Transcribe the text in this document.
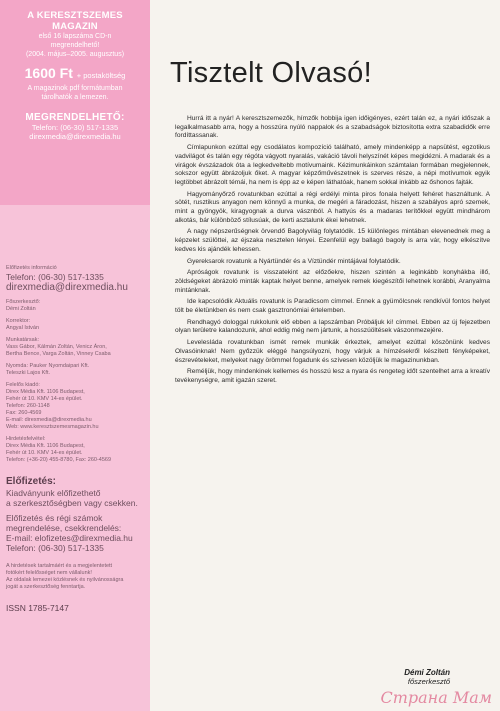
A KERESZTSZEMES
MAGAZIN
első 16 lapszáma CD-n
megrendelhető!
(2004. május–2005. augusztus)
1600 Ft + postaköltség
A magazinok pdf formátumban
tárolhatók a lemezen.
MEGRENDELHETŐ:
Telefon: (06-30) 517-1335
direxmedia@direxmedia.hu
Előfizetés információ
Telefon: (06-30) 517-1335
direxmedia@direxmedia.hu
Főszerkesztő:
Démi Zoltán
Korrektor:
Angyal István
Munkatársak:
Vass Gábor, Kálmán Zoltán, Venicz Áron,
Bertha Bence, Varga Zoltán, Vinney Csaba
Nyomda: Pauker Nyomdaipari Kft.
Teleszki Lajos Kft.
Felelős kiadó:
Direx Média Kft. 1106 Budapest,
Fehér út 10. KMV 14-es épület.
Telefon: 260-1148
Fax: 260-4569
E-mail: direxmedia@direxmedia.hu
Web: www.keresztszemesmagazin.hu
Hirdetésfelvétel:
Direx Média Kft. 1106 Budapest,
Fehér út 10. KMV 14-es épület.
Telefon: (+36-20) 455-8780, Fax: 260-4569
Előfizetés:
Kiadványunk előfizethető
a szerkesztőségben vagy csekken.
Előfizetés és régi számok
megrendelése, csekkrendelés:
E-mail: elofizetes@direxmedia.hu
Telefon: (06-30) 517-1335
A hirdetések tartalmáért és a megjelentetett
fotókért felelősséget nem vállalunk!
Az oldalak lemezei közlésnek és nyilvánosságra
jogát a szerkesztőség fenntartja.
ISSN 1785-7147
Tisztelt Olvasó!

Hurrá itt a nyár! A keresztszemezők, hímzők hobbija igen időigényes, ezért talán ez, a nyári időszak a legalkalmasabb arra, hogy a hosszúra nyúló nappalok és a szabadságok biztosította extra szabadidők erre fordíttassanak.

Címlapunkon ezúttal egy csodálatos kompozíció található, amely mindenképp a napsütést, egzotikus vadvilágot és talán egy régóta vágyott nyaralás, vakáció távoli helyszínét képes megidézni. A madarak és a virágok évszázadok óta a legkedveltebb motívumaink. Kézimunkáinkon számtalan formában megjelennek, sokszor együtt ábrázoljuk őket. A magyar képzőművészetnek is szerves része, a népi motívumok egyik legtöbbet ábrázolt témái, ha nem is épp az e képen láthatóak, hanem sokkal inkább az őshonos fajták.

Hagyományőrző rovatunkban ezúttal a régi erdélyi minta piros fonala helyett fehéret használtunk. A sötét, rusztikus anyagon nem könnyű a munka, de megéri a fáradozást, hiszen a szabályos apró szemek, mint a gyöngyök, kiragyognak a durva vásznból. A hattyús és a madaras terítőkkel együtt mindhárom alkotás, bár különböző stílusúak, de kerti asztalunk ékei lehetnek.

A nagy népszerűségnek örvendő Bagolyvilág folytatódik. 15 különleges mintában elevenednek meg a képzelet szülöttei, az éjszaka nesztelen lényei. Ezenfelül egy ballagó bagoly is arra vár, hogy elkészítve kedves kis ajándék lehessen.

Gyereksarok rovatunk a Nyártündér és a Víztündér mintájával folytatódik.

Apróságok rovatunk is visszatekint az előzőekre, hiszen szintén a leginkább konyhákba illő, zöldségeket ábrázoló minták kaptak helyet benne, amelyek remek kiegészítői lehetnek korábbi, Aranyalma mintánknak.

Ide kapcsolódik Aktuális rovatunk is Paradicsom címmel. Ennek a gyümölcsnek rendkívül fontos helyet tölt be életünkben és nem csak gasztronómiai értelemben.

Rendhagyó dologgal rukkolunk elő ebben a lapszámban Próbáljuk ki! címmel. Ebben az új fejezetben olyan területre kalandozunk, ahol eddig még nem jártunk, a hosszúöltések vászonmezejére.

Levelesláda rovatunkban ismét remek munkák érkeztek, amelyet ezúttal köszönünk kedves Olvasóinknak! Nem győzzük eléggé hangsúlyozni, hogy várjuk a hímzésekről készített fényképeket, észrevételeket, melyeket nagy örömmel fogadunk és szívesen közöljük le magazinunkban.

Reméljük, hogy mindenkinek kellemes és hosszú lesz a nyara és rengeteg időt szentelhet arra a kreatív tevékenységre, amit igazán szeret.

Démi Zoltán
főszerkesztő
Страна Мам
